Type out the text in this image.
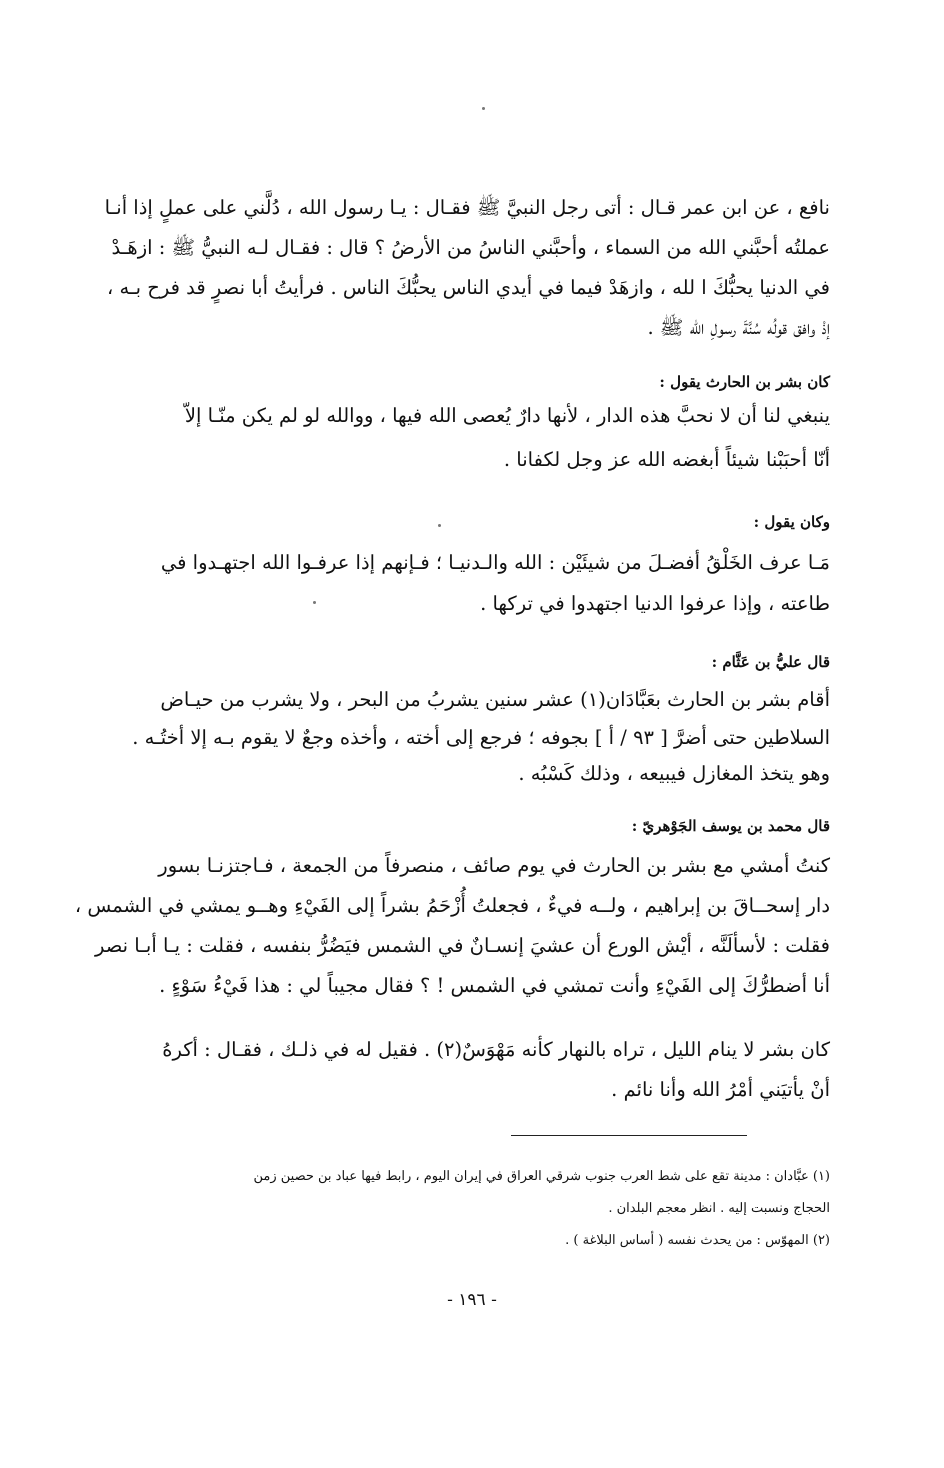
نافع ، عن ابن عمر قـال : أتى رجل النبيَّ ﷺ فقـال : يـا رسول الله ، دُلَّني على عملٍ إذا أنـا
عملتُه أحبَّني الله من السماء ، وأحبَّني الناسُ من الأرضُ ؟ قال : فقـال لـه النبيُّ ﷺ : ازهَـدْ
في الدنيا يحبُّكَ ا لله ، وازهَدْ فيما في أيدي الناس يحبُّكَ الناس . فرأيتُ أبا نصرٍ قد فرح بـه ،
إذْ وافق قولُه سُنَّةَ رسولِ الله ﷺ .
كان بشر بن الحارث يقول :
ينبغي لنا أن لا نحبَّ هذه الدار ، لأنها دارٌ يُعصى الله فيها ، ووالله لو لم يكن منّـا إلاّ
أنّا أحبَبْنا شيئاً أبغضه الله عز وجل لكفانا .
وكان يقول :
مَـا عرف الخَلْقُ أفضـلَ من شيئَيْن : الله والـدنيـا ؛ فـإنهم إذا عرفـوا الله اجتهـدوا في
طاعته ، وإذا عرفوا الدنيا اجتهدوا في تركها .
قال عليُّ بن عَثَّام :
أقام بشر بن الحارث بعَبَّادَان(١) عشر سنين يشربُ من البحر ، ولا يشرب من حيـاض
السلاطين حتى أضرَّ [ ٩٣ / أ ] بجوفه ؛ فرجع إلى أخته ، وأخذه وجعٌ لا يقوم بـه إلا أختُـه .
وهو يتخذ المغازل فيبيعه ، وذلك كَسْبُه .
قال محمد بن يوسف الجَوْهريّ :
كنتُ أمشي مع بشر بن الحارث في يوم صائف ، منصرفاً من الجمعة ، فـاجتزنـا بسور
دار إسحــاقَ بن إبراهيم ، ولــه فيءٌ ، فجعلتُ أُزْحَمُ بشراً إلى الفَيْءِ وهــو يمشي في الشمس ،
فقلت : لأسألَنَّه ، أيْش الورع أن عشيَ إنسـانٌ في الشمس فيَضُرُّ بنفسه ، فقلت : يـا أبـا نصر
أنا أضطرُّكَ إلى الفَيْءِ وأنت تمشي في الشمس ! ؟ فقال مجيباً لي : هذا فَيْءُ سَوْءٍ .
كان بشر لا ينام الليل ، تراه بالنهار كأنه مَهْوَسٌ(٢) . فقيل له في ذلـك ، فقـال : أكرهُ
أنْ يأتيَني أمْرُ الله وأنا نائم .
(١) عبَّادان : مدينة تقع على شط العرب جنوب شرقي العراق في إيران اليوم ، رابط فيها عباد بن حصين زمن
الحجاج ونسبت إليه . انظر معجم البلدان .
(٢) المهوّس : من يحدث نفسه ( أساس البلاغة ) .
- ١٩٦ -
